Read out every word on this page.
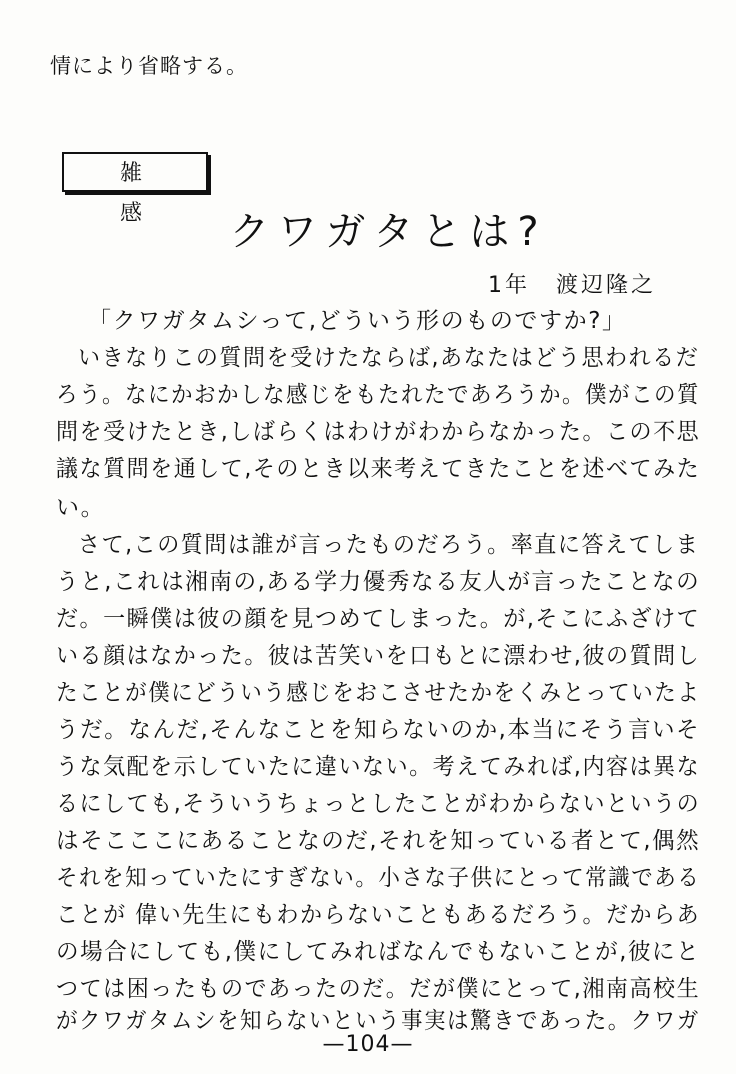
情により省略する。
雑 感	クワガタとは?
1年 渡辺隆之
「クワガタムシって,どういう形のものですか?」
いきなりこの質問を受けたならば,あなたはどう思われるだ
ろう。なにかおかしな感じをもたれたであろうか。僕がこの質
問を受けたとき,しばらくはわけがわからなかった。この不思
議な質問を通して,そのとき以来考えてきたことを述べてみた
い。
さて,この質問は誰が言ったものだろう。率直に答えてしま
うと,これは湘南の,ある学力優秀なる友人が言ったことなの
だ。一瞬僕は彼の顔を見つめてしまった。が,そこにふざけて
いる顔はなかった。彼は苦笑いを口もとに漂わせ,彼の質問し
たことが僕にどういう感じをおこさせたかをくみとっていたよ
うだ。なんだ,そんなことを知らないのか,本当にそう言いそ
うな気配を示していたに違いない。考えてみれば,内容は異な
るにしても,そういうちょっとしたことがわからないというの
はそこここにあることなのだ,それを知っている者とて,偶然
それを知っていたにすぎない。小さな子供にとって常識である
ことが 偉い先生にもわからないこともあるだろう。だからあ
の場合にしても,僕にしてみればなんでもないことが,彼にと
つては困ったものであったのだ。だが僕にとって,湘南高校生
がクワガタムシを知らないという事実は驚きであった。クワガ
—104—
